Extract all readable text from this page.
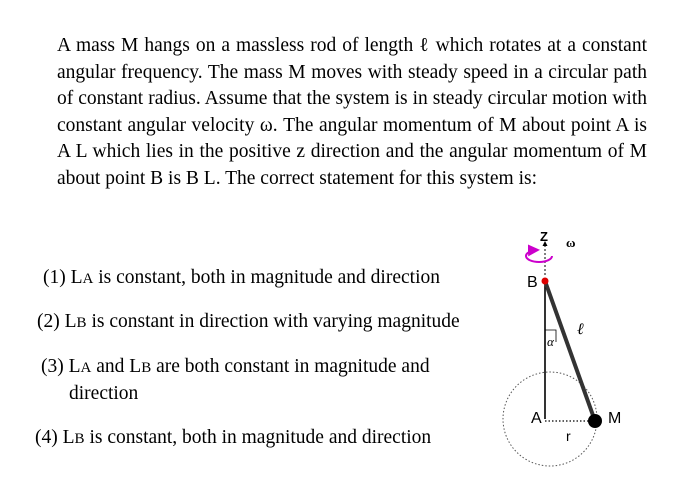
A mass M hangs on a massless rod of length ℓ which rotates at a constant angular frequency. The mass M moves with steady speed in a circular path of constant radius. Assume that the system is in steady circular motion with constant angular velocity ω. The angular momentum of M about point A is A L which lies in the positive z direction and the angular momentum of M about point B is B L. The correct statement for this system is:

(1) LA is constant, both in magnitude and direction
(2) LB is constant in direction with varying magnitude
(3) LA and LB are both constant in magnitude and
direction
(4) LB is constant, both in magnitude and direction
Z ω
B
ℓ
α
A	M
r
